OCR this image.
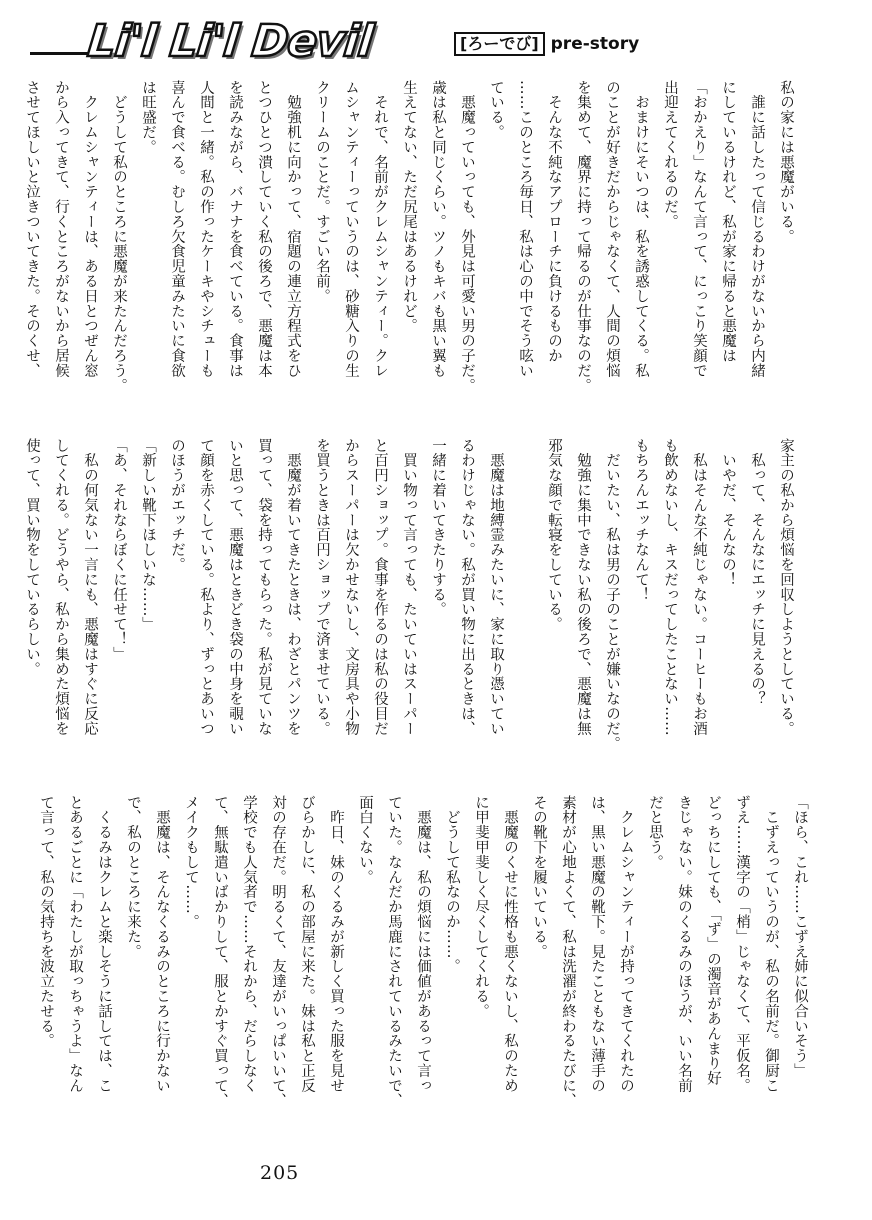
Li'l Li'l Devil	[ろーでび] pre-story
私の家には悪魔がいる。
　誰に話したって信じるわけがないから内緒
にしているけれど、私が家に帰ると悪魔は
「おかえり」なんて言って、にっこり笑顔で
出迎えてくれるのだ。
　おまけにそいつは、私を誘惑してくる。私
のことが好きだからじゃなくて、人間の煩悩
を集めて、魔界に持って帰るのが仕事なのだ。
　そんな不純なアプローチに負けるものか
……このところ毎日、私は心の中でそう呟い
ている。
　悪魔っていっても、外見は可愛い男の子だ。
歳は私と同じくらい。ツノもキバも黒い翼も
生えてない、ただ尻尾はあるけれど。
　それで、名前がクレムシャンティー。クレ
ムシャンティーっていうのは、砂糖入りの生
クリームのことだ。すごい名前。
　勉強机に向かって、宿題の連立方程式をひ
とつひとつ潰していく私の後ろで、悪魔は本
を読みながら、バナナを食べている。食事は
人間と一緒。私の作ったケーキやシチューも
喜んで食べる。むしろ欠食児童みたいに食欲
は旺盛だ。
　どうして私のところに悪魔が来たんだろう。
　クレムシャンティーは、ある日とつぜん窓
から入ってきて、行くところがないから居候
させてほしいと泣きついてきた。そのくせ、
家主の私から煩悩を回収しようとしている。
　私って、そんなにエッチに見えるの？
　いやだ、そんなの！
　私はそんな不純じゃない。コーヒーもお酒
も飲めないし、キスだってしたことない……
もちろんエッチなんて！
　だいたい、私は男の子のことが嫌いなのだ。
　勉強に集中できない私の後ろで、悪魔は無
邪気な顔で転寝をしている。

　悪魔は地縛霊みたいに、家に取り憑いてい
るわけじゃない。私が買い物に出るときは、
一緒に着いてきたりする。
　買い物って言っても、たいていはスーパー
と百円ショップ。食事を作るのは私の役目だ
からスーパーは欠かせないし、文房具や小物
を買うときは百円ショップで済ませている。
　悪魔が着いてきたときは、わざとパンツを
買って、袋を持ってもらった。私が見ていな
いと思って、悪魔はときどき袋の中身を覗い
て顔を赤くしている。私より、ずっとあいつ
のほうがエッチだ。
「新しい靴下ほしいな……」
「あ、それならぼくに任せて！」
　私の何気ない一言にも、悪魔はすぐに反応
してくれる。どうやら、私から集めた煩悩を
使って、買い物をしているらしい。
「ほら、これ……こずえ姉に似合いそう」
　こずえっていうのが、私の名前だ。御厨こ
ずえ……漢字の「梢」じゃなくて、平仮名。
どっちにしても、「ず」の濁音があんまり好
きじゃない。妹のくるみのほうが、いい名前
だと思う。
　クレムシャンティーが持ってきてくれたの
は、黒い悪魔の靴下。見たこともない薄手の
素材が心地よくて、私は洗濯が終わるたびに、
その靴下を履いている。
　悪魔のくせに性格も悪くないし、私のため
に甲斐甲斐しく尽くしてくれる。
　どうして私なのか……。
　悪魔は、私の煩悩には価値があるって言っ
ていた。なんだか馬鹿にされているみたいで、
面白くない。
　昨日、妹のくるみが新しく買った服を見せ
びらかしに、私の部屋に来た。妹は私と正反
対の存在だ。明るくて、友達がいっぱいいて、
学校でも人気者で……それから、だらしなく
て、無駄遣いばかりして、服とかすぐ買って、
メイクもして……。
　悪魔は、そんなくるみのところに行かない
で、私のところに来た。
　くるみはクレムと楽しそうに話しては、こ
とあるごとに「わたしが取っちゃうよ」なん
て言って、私の気持ちを波立たせる。
205
